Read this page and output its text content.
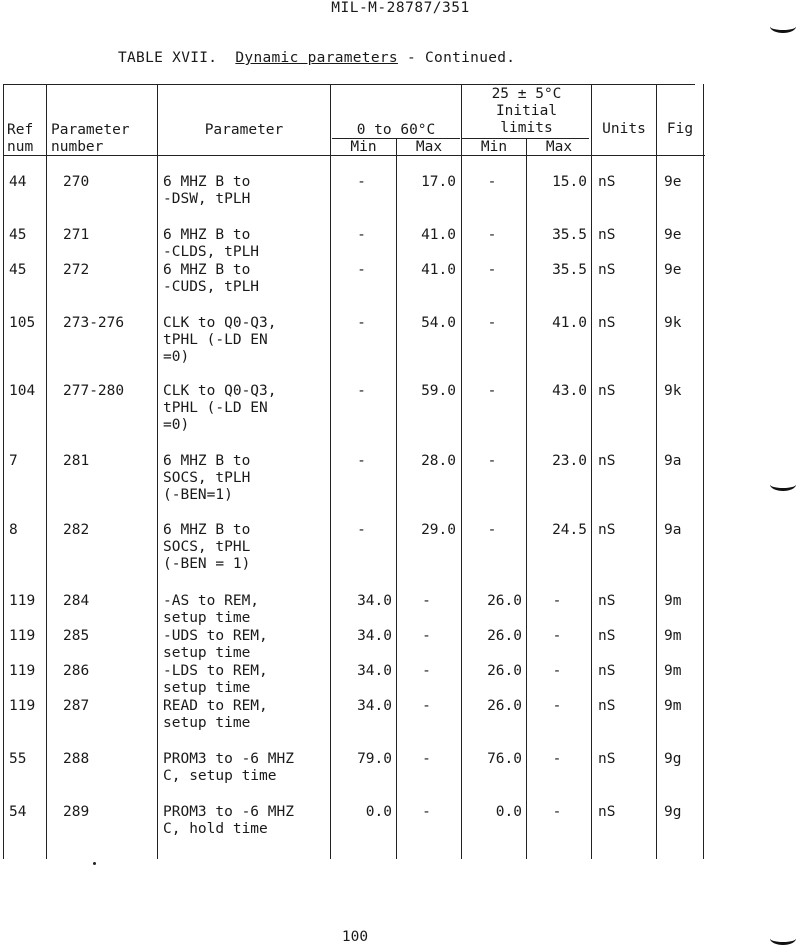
MIL-M-28787/351
TABLE XVII.  Dynamic parameters - Continued.
Ref
num
Parameter
number
Parameter	0 to 60°C
25 ± 5°C
Initial
limits
Min	Max	Min	Max
Units	Fig
44	270	6 MHZ B to
-DSW, tPLH
-	17.0	-	15.0 nS	9e
45	271	6 MHZ B to
-CLDS, tPLH
-	41.0	-	35.5 nS	9e
45	272	6 MHZ B to
-CUDS, tPLH
-	41.0	-	35.5 nS	9e
105	273-276	CLK to Q0-Q3,
tPHL (-LD EN
=0)
-	54.0	-	41.0 nS	9k
104	277-280	CLK to Q0-Q3,
tPHL (-LD EN
=0)
-	59.0	-	43.0 nS	9k
7	281	6 MHZ B to
SOCS, tPLH
(-BEN=1)
-	28.0	-	23.0 nS	9a
8	282	6 MHZ B to
SOCS, tPHL
(-BEN = 1)
-	29.0	-	24.5 nS	9a
119	284	-AS to REM,
setup time
34.0	-	26.0	-	nS	9m
119	285	-UDS to REM,
setup time
34.0	-	26.0	-	nS	9m
119	286	-LDS to REM,
setup time
34.0	-	26.0	-	nS	9m
119	287	READ to REM,
setup time
34.0	-	26.0	-	nS	9m
55	288	PROM3 to -6 MHZ
C, setup time
79.0	-	76.0	-	nS	9g
54	289	PROM3 to -6 MHZ
C, hold time
0.0	-	0.0	-	nS	9g
100
